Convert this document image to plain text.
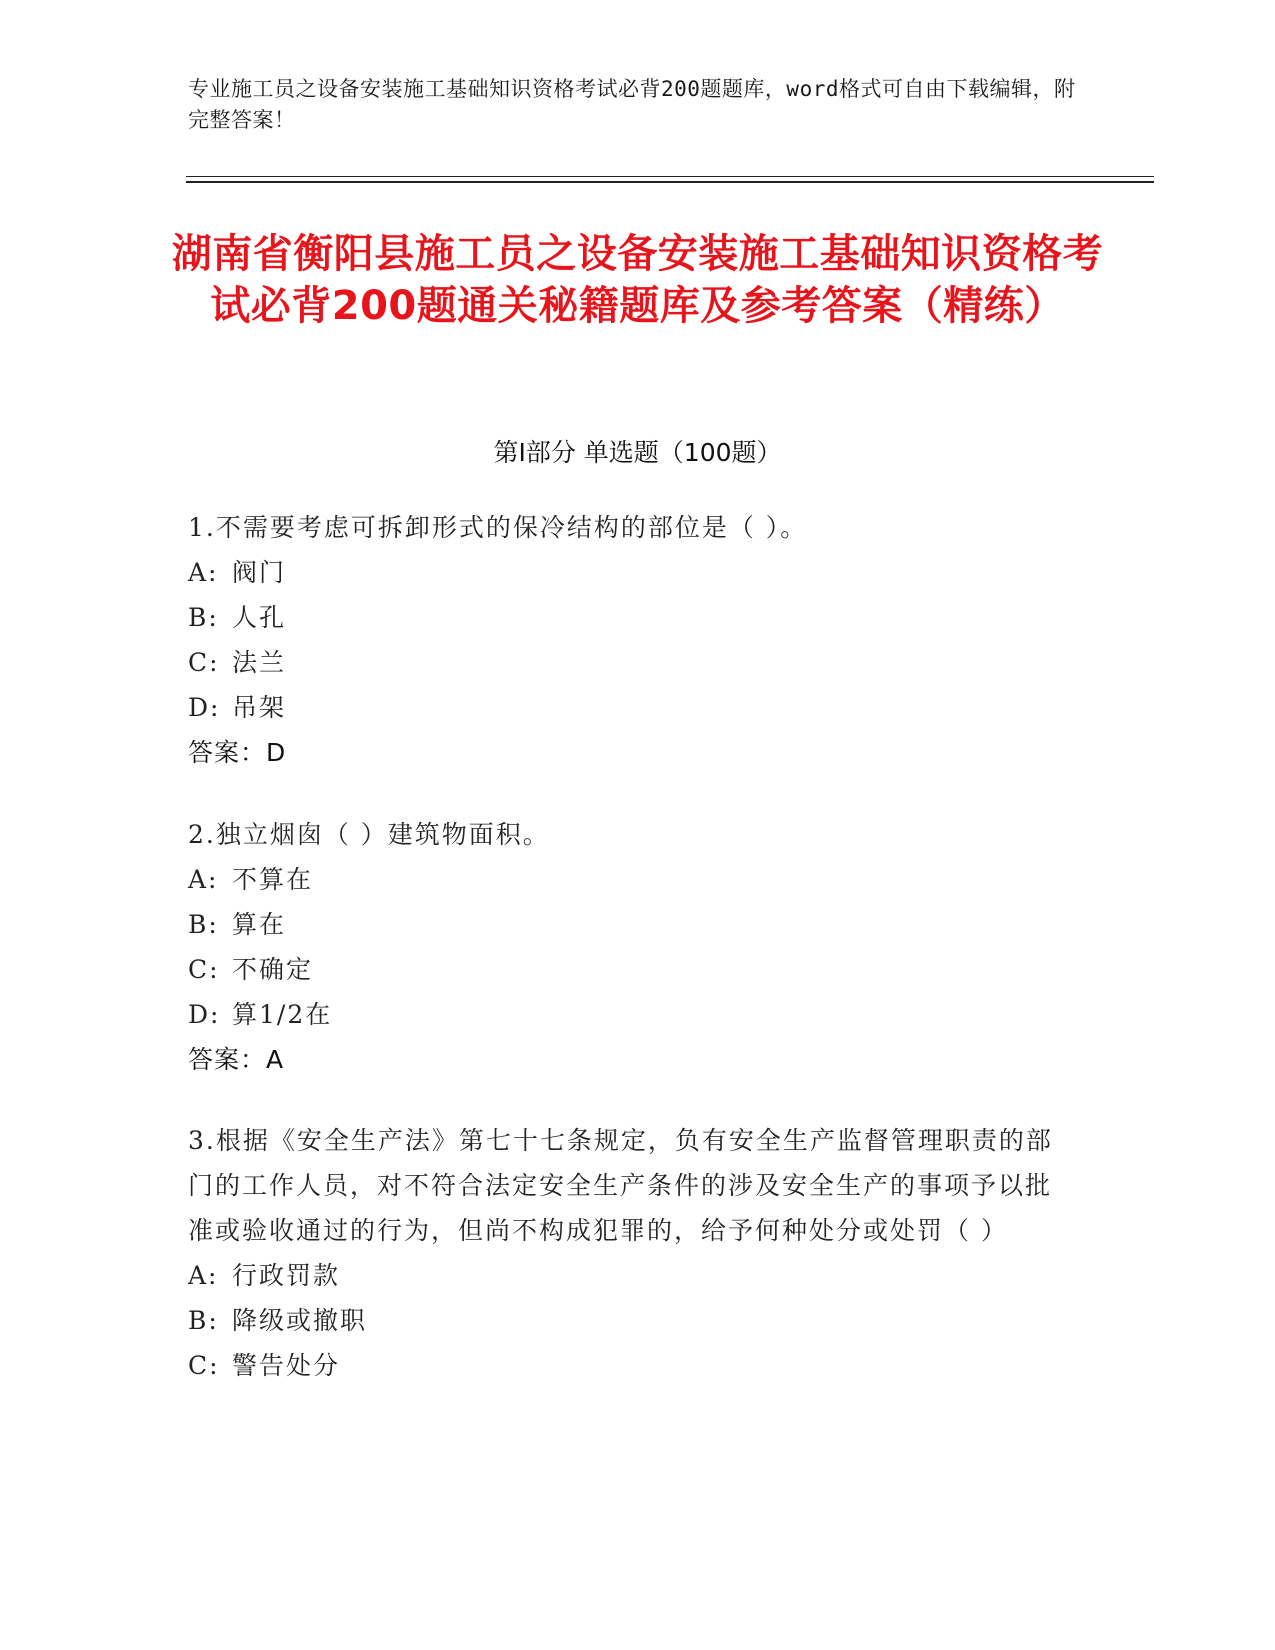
专业施工员之设备安装施工基础知识资格考试必背200题题库，word格式可自由下载编辑，附完整答案！
湖南省衡阳县施工员之设备安装施工基础知识资格考试必背200题通关秘籍题库及参考答案（精练）
第I部分 单选题（100题）
1.不需要考虑可拆卸形式的保冷结构的部位是（ ）。
A: 阀门
B: 人孔
C: 法兰
D: 吊架
答案：D
2.独立烟囱（ ）建筑物面积。
A: 不算在
B: 算在
C: 不确定
D: 算1/2在
答案：A
3.根据《安全生产法》第七十七条规定，负有安全生产监督管理职责的部门的工作人员，对不符合法定安全生产条件的涉及安全生产的事项予以批准或验收通过的行为，但尚不构成犯罪的，给予何种处分或处罚（ ）
A: 行政罚款
B: 降级或撤职
C: 警告处分
